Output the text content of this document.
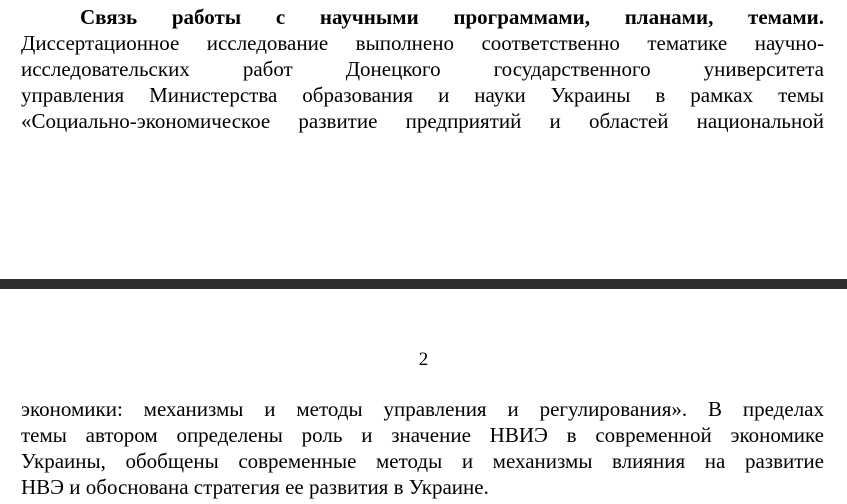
Связь работы с научными программами, планами, темами.
Диссертационное исследование выполнено соответственно тематике научно-
исследовательских работ Донецкого государственного университета
управления Министерства образования и науки Украины в рамках темы
«Социально-экономическое развитие предприятий и областей национальной
2
экономики: механизмы и методы управления и регулирования». В пределах
темы автором определены роль и значение НВИЭ в современной экономике
Украины, обобщены современные методы и механизмы влияния на развитие
НВЭ и обоснована стратегия ее развития в Украине.
